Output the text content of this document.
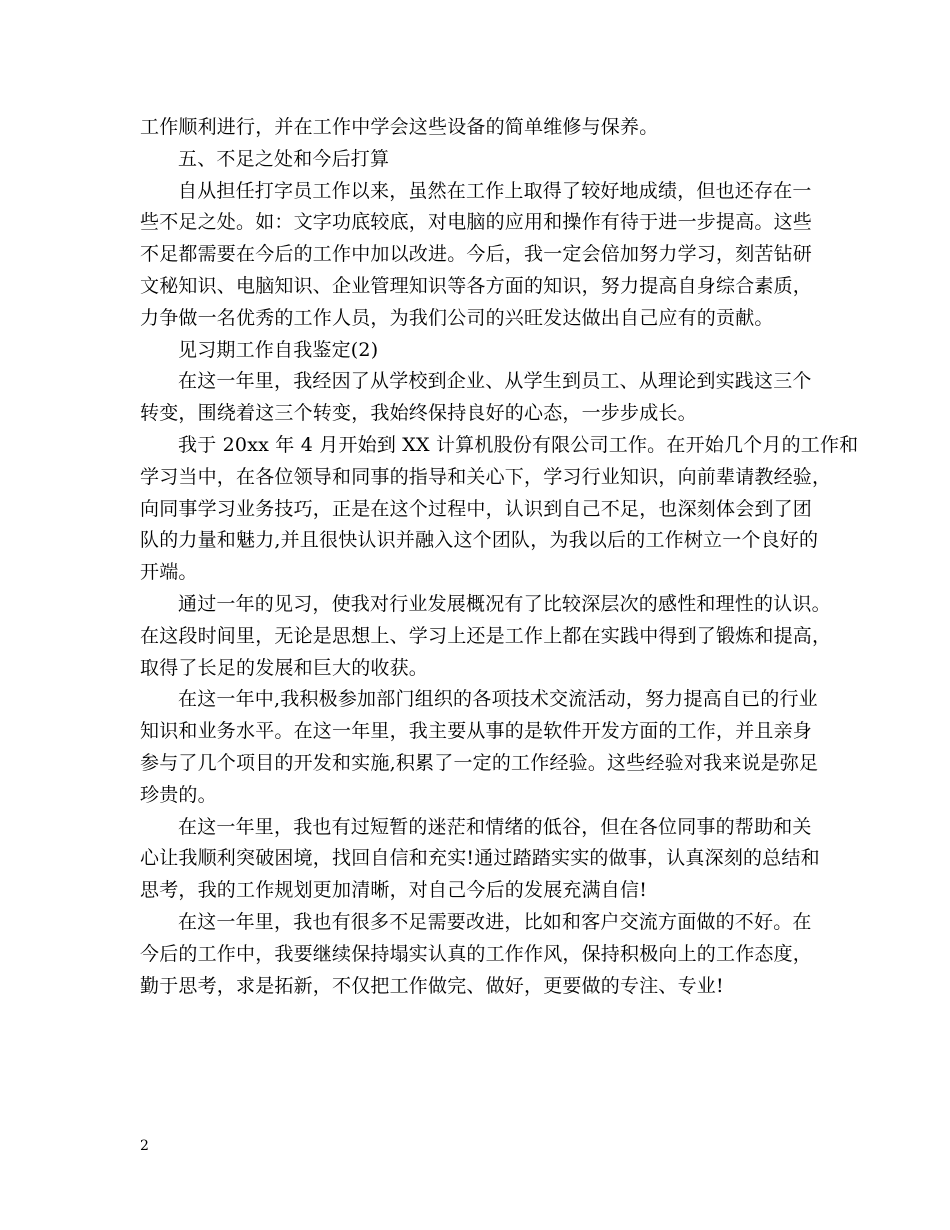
工作顺利进行，并在工作中学会这些设备的简单维修与保养。
五、不足之处和今后打算
自从担任打字员工作以来，虽然在工作上取得了较好地成绩，但也还存在一
些不足之处。如：文字功底较底，对电脑的应用和操作有待于进一步提高。这些
不足都需要在今后的工作中加以改进。今后，我一定会倍加努力学习，刻苦钻研
文秘知识、电脑知识、企业管理知识等各方面的知识，努力提高自身综合素质，
力争做一名优秀的工作人员，为我们公司的兴旺发达做出自己应有的贡献。
见习期工作自我鉴定(2)
在这一年里，我经因了从学校到企业、从学生到员工、从理论到实践这三个
转变，围绕着这三个转变，我始终保持良好的心态，一步步成长。
我于 20xx 年 4 月开始到 XX 计算机股份有限公司工作。在开始几个月的工作和
学习当中，在各位领导和同事的指导和关心下，学习行业知识，向前辈请教经验，
向同事学习业务技巧，正是在这个过程中，认识到自己不足，也深刻体会到了团
队的力量和魅力,并且很快认识并融入这个团队，为我以后的工作树立一个良好的
开端。
通过一年的见习，使我对行业发展概况有了比较深层次的感性和理性的认识。
在这段时间里，无论是思想上、学习上还是工作上都在实践中得到了锻炼和提高，
取得了长足的发展和巨大的收获。
在这一年中,我积极参加部门组织的各项技术交流活动，努力提高自已的行业
知识和业务水平。在这一年里，我主要从事的是软件开发方面的工作，并且亲身
参与了几个项目的开发和实施,积累了一定的工作经验。这些经验对我来说是弥足
珍贵的。
在这一年里，我也有过短暂的迷茫和情绪的低谷，但在各位同事的帮助和关
心让我顺利突破困境，找回自信和充实!通过踏踏实实的做事，认真深刻的总结和
思考，我的工作规划更加清晰，对自己今后的发展充满自信!
在这一年里，我也有很多不足需要改进，比如和客户交流方面做的不好。在
今后的工作中，我要继续保持塌实认真的工作作风，保持积极向上的工作态度，
勤于思考，求是拓新，不仅把工作做完、做好，更要做的专注、专业!
2
